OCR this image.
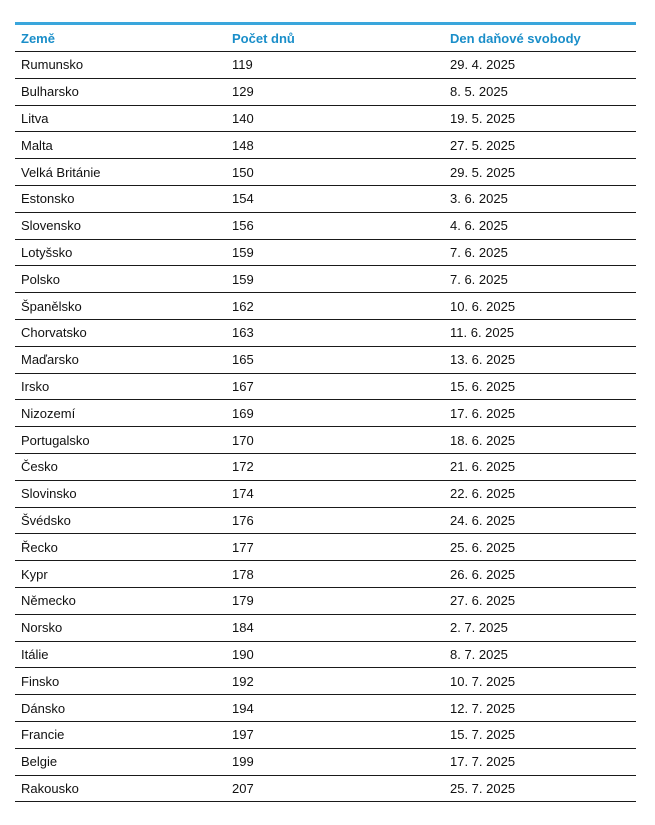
Země	Počet dnů	Den daňové svobody
Rumunsko	119	29. 4. 2025
Bulharsko	129	8. 5. 2025
Litva	140	19. 5. 2025
Malta	148	27. 5. 2025
Velká Británie	150	29. 5. 2025
Estonsko	154	3. 6. 2025
Slovensko	156	4. 6. 2025
Lotyšsko	159	7. 6. 2025
Polsko	159	7. 6. 2025
Španělsko	162	10. 6. 2025
Chorvatsko	163	11. 6. 2025
Maďarsko	165	13. 6. 2025
Irsko	167	15. 6. 2025
Nizozemí	169	17. 6. 2025
Portugalsko	170	18. 6. 2025
Česko	172	21. 6. 2025
Slovinsko	174	22. 6. 2025
Švédsko	176	24. 6. 2025
Řecko	177	25. 6. 2025
Kypr	178	26. 6. 2025
Německo	179	27. 6. 2025
Norsko	184	2. 7. 2025
Itálie	190	8. 7. 2025
Finsko	192	10. 7. 2025
Dánsko	194	12. 7. 2025
Francie	197	15. 7. 2025
Belgie	199	17. 7. 2025
Rakousko	207	25. 7. 2025
